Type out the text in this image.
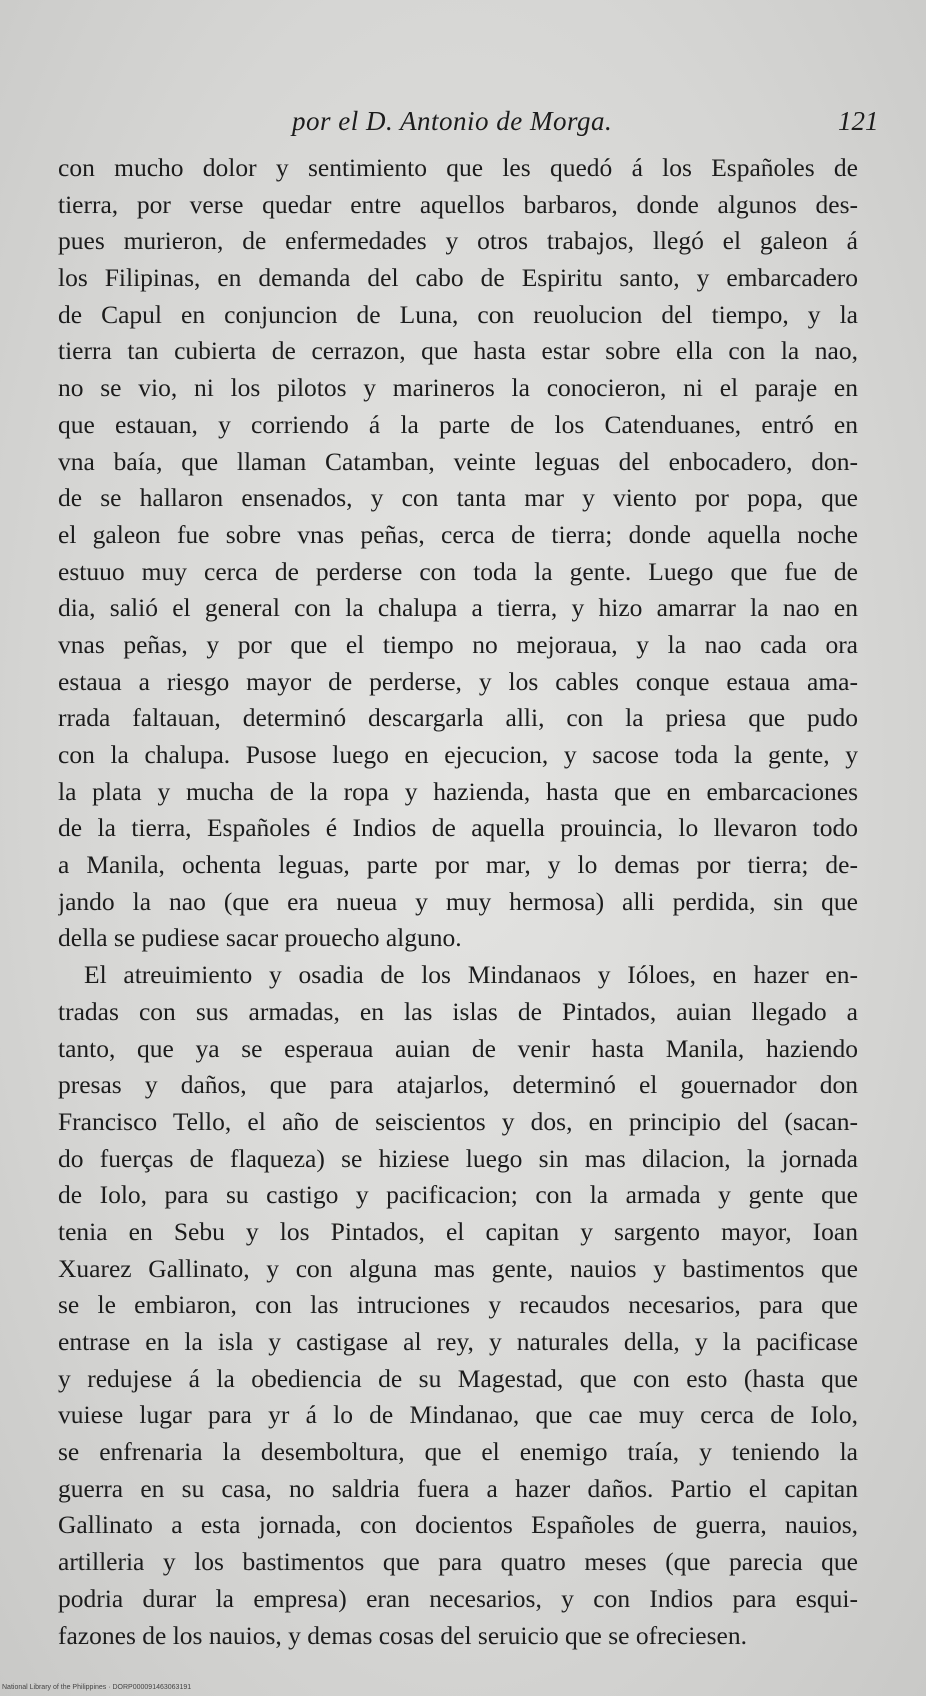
por el D. Antonio de Morga.	121
con mucho dolor y sentimiento que les quedó á los Españoles de
tierra, por verse quedar entre aquellos barbaros, donde algunos des-
pues murieron, de enfermedades y otros trabajos, llegó el galeon á
los Filipinas, en demanda del cabo de Espiritu santo, y embarcadero
de Capul en conjuncion de Luna, con reuolucion del tiempo, y la
tierra tan cubierta de cerrazon, que hasta estar sobre ella con la nao,
no se vio, ni los pilotos y marineros la conocieron, ni el paraje en
que estauan, y corriendo á la parte de los Catenduanes, entró en
vna baía, que llaman Catamban, veinte leguas del enbocadero, don-
de se hallaron ensenados, y con tanta mar y viento por popa, que
el galeon fue sobre vnas peñas, cerca de tierra; donde aquella noche
estuuo muy cerca de perderse con toda la gente. Luego que fue de
dia, salió el general con la chalupa a tierra, y hizo amarrar la nao en
vnas peñas, y por que el tiempo no mejoraua, y la nao cada ora
estaua a riesgo mayor de perderse, y los cables conque estaua ama-
rrada faltauan, determinó descargarla alli, con la priesa que pudo
con la chalupa. Pusose luego en ejecucion, y sacose toda la gente, y
la plata y mucha de la ropa y hazienda, hasta que en embarcaciones
de la tierra, Españoles é Indios de aquella prouincia, lo llevaron todo
a Manila, ochenta leguas, parte por mar, y lo demas por tierra; de-
jando la nao (que era nueua y muy hermosa) alli perdida, sin que
della se pudiese sacar prouecho alguno.
El atreuimiento y osadia de los Mindanaos y Ióloes, en hazer en-
tradas con sus armadas, en las islas de Pintados, auian llegado a
tanto, que ya se esperaua auian de venir hasta Manila, haziendo
presas y daños, que para atajarlos, determinó el gouernador don
Francisco Tello, el año de seiscientos y dos, en principio del (sacan-
do fuerças de flaqueza) se hiziese luego sin mas dilacion, la jornada
de Iolo, para su castigo y pacificacion; con la armada y gente que
tenia en Sebu y los Pintados, el capitan y sargento mayor, Ioan
Xuarez Gallinato, y con alguna mas gente, nauios y bastimentos que
se le embiaron, con las intruciones y recaudos necesarios, para que
entrase en la isla y castigase al rey, y naturales della, y la pacificase
y redujese á la obediencia de su Magestad, que con esto (hasta que
vuiese lugar para yr á lo de Mindanao, que cae muy cerca de Iolo,
se enfrenaria la desemboltura, que el enemigo traía, y teniendo la
guerra en su casa, no saldria fuera a hazer daños. Partio el capitan
Gallinato a esta jornada, con docientos Españoles de guerra, nauios,
artilleria y los bastimentos que para quatro meses (que parecia que
podria durar la empresa) eran necesarios, y con Indios para esqui-
fazones de los nauios, y demas cosas del seruicio que se ofreciesen.
National Library of the Philippines · DORP000091463063191
